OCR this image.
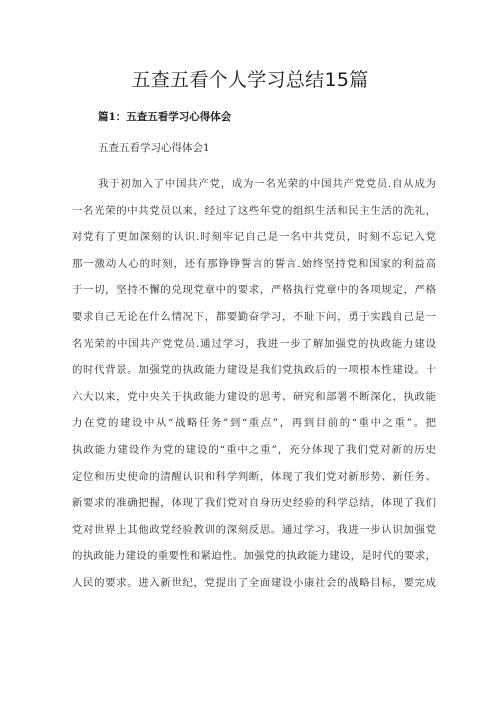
五查五看个人学习总结15篇
篇1：五查五看学习心得体会
五查五看学习心得体会1
我于初加入了中国共产党，成为一名光荣的中国共产党党员.自从成为
一名光荣的中共党员以来，经过了这些年党的组织生活和民主生活的洗礼，
对党有了更加深刻的认识.时刻牢记自己是一名中共党员，时刻不忘记入党
那一激动人心的时刻，还有那铮铮誓言的誓言.始终坚持党和国家的利益高
于一切，坚持不懈的兑现党章中的要求，严格执行党章中的各项规定，严格
要求自己无论在什么情况下，都要勤奋学习，不耻下问，勇于实践自己是一
名光荣的中国共产党党员.通过学习，我进一步了解加强党的执政能力建设
的时代背景。加强党的执政能力建设是我们党执政后的一项根本性建设。十
六大以来，党中央关于执政能力建设的思考、研究和部署不断深化，执政能
力在党的建设中从“战略任务”到“重点”，再到目前的“重中之重”。把
执政能力建设作为党的建设的“重中之重”，充分体现了我们党对新的历史
定位和历史使命的清醒认识和科学判断，体现了我们党对新形势、新任务、
新要求的准确把握，体现了我们党对自身历史经验的科学总结，体现了我们
党对世界上其他政党经验教训的深刻反思。通过学习，我进一步认识加强党
的执政能力建设的重要性和紧迫性。加强党的执政能力建设，是时代的要求，
人民的要求。进入新世纪，党提出了全面建设小康社会的战略目标，要完成
